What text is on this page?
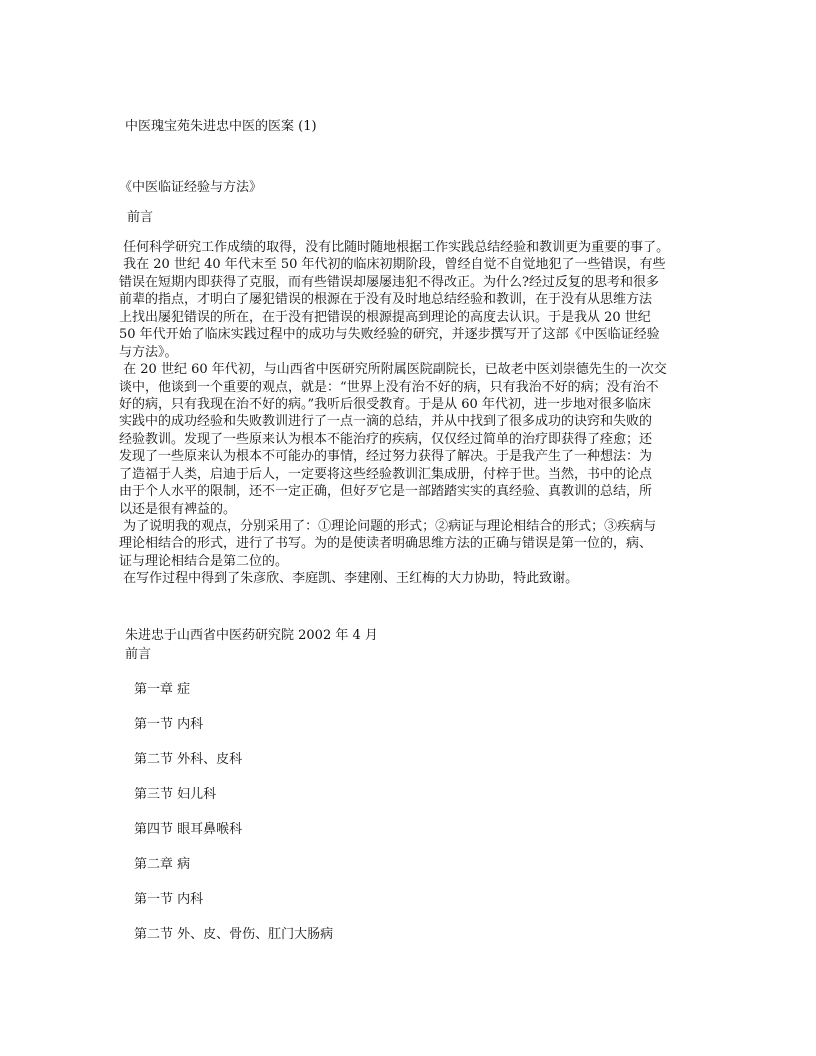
中医瑰宝苑朱进忠中医的医案 (1)
《中医临证经验与方法》
前言
任何科学研究工作成绩的取得，没有比随时随地根据工作实践总结经验和教训更为重要的事了。
我在 20 世纪 40 年代末至 50 年代初的临床初期阶段，曾经自觉不自觉地犯了一些错误，有些
错误在短期内即获得了克服，而有些错误却屡屡违犯不得改正。为什么?经过反复的思考和很多
前辈的指点，才明白了屡犯错误的根源在于没有及时地总结经验和教训，在于没有从思维方法
上找出屡犯错误的所在，在于没有把错误的根源提高到理论的高度去认识。于是我从 20 世纪
50 年代开始了临床实践过程中的成功与失败经验的研究，并逐步撰写开了这部《中医临证经验
与方法》。
在 20 世纪 60 年代初，与山西省中医研究所附属医院副院长，已故老中医刘崇德先生的一次交
谈中，他谈到一个重要的观点，就是：“世界上没有治不好的病，只有我治不好的病；没有治不
好的病，只有我现在治不好的病。”我听后很受教育。于是从 60 年代初，进一步地对很多临床
实践中的成功经验和失败教训进行了一点一滴的总结，并从中找到了很多成功的诀窍和失败的
经验教训。发现了一些原来认为根本不能治疗的疾病，仅仅经过简单的治疗即获得了痊愈；还
发现了一些原来认为根本不可能办的事情，经过努力获得了解决。于是我产生了一种想法：为
了造福于人类，启迪于后人，一定要将这些经验教训汇集成册，付梓于世。当然，书中的论点
由于个人水平的限制，还不一定正确，但好歹它是一部踏踏实实的真经验、真教训的总结，所
以还是很有裨益的。
为了说明我的观点，分别采用了：①理论问题的形式；②病证与理论相结合的形式；③疾病与
理论相结合的形式，进行了书写。为的是使读者明确思维方法的正确与错误是第一位的，病、
证与理论相结合是第二位的。
在写作过程中得到了朱彦欣、李庭凯、李建刚、王红梅的大力协助，特此致谢。
朱进忠于山西省中医药研究院 2002 年 4 月
前言
第一章 症
第一节 内科
第二节 外科、皮科
第三节 妇儿科
第四节 眼耳鼻喉科
第二章 病
第一节 内科
第二节 外、皮、骨伤、肛门大肠病
